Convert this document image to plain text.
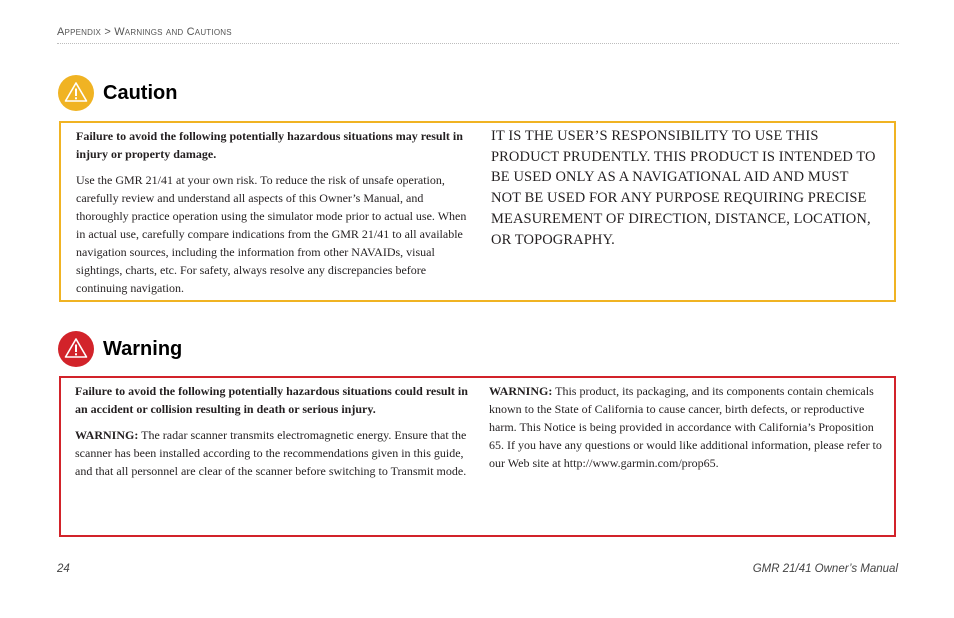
Appendix > Warnings and Cautions
Caution

Failure to avoid the following potentially hazardous situations may result in injury or property damage.

Use the GMR 21/41 at your own risk. To reduce the risk of unsafe operation, carefully review and understand all aspects of this Owner’s Manual, and thoroughly practice operation using the simulator mode prior to actual use. When in actual use, carefully compare indications from the GMR 21/41 to all available navigation sources, including the information from other NAVAIDs, visual sightings, charts, etc. For safety, always resolve any discrepancies before continuing navigation.

IT IS THE USER’S RESPONSIBILITY TO USE THIS PRODUCT PRUDENTLY. THIS PRODUCT IS INTENDED TO BE USED ONLY AS A NAVIGATIONAL AID AND MUST NOT BE USED FOR ANY PURPOSE REQUIRING PRECISE MEASUREMENT OF DIRECTION, DISTANCE, LOCATION, OR TOPOGRAPHY.

Warning

Failure to avoid the following potentially hazardous situations could result in an accident or collision resulting in death or serious injury.

WARNING: The radar scanner transmits electromagnetic energy. Ensure that the scanner has been installed according to the recommendations given in this guide, and that all personnel are clear of the scanner before switching to Transmit mode.

WARNING: This product, its packaging, and its components contain chemicals known to the State of California to cause cancer, birth defects, or reproductive harm. This Notice is being provided in accordance with California’s Proposition 65. If you have any questions or would like additional information, please refer to our Web site at http://www.garmin.com/prop65.

24	GMR 21/41 Owner’s Manual
